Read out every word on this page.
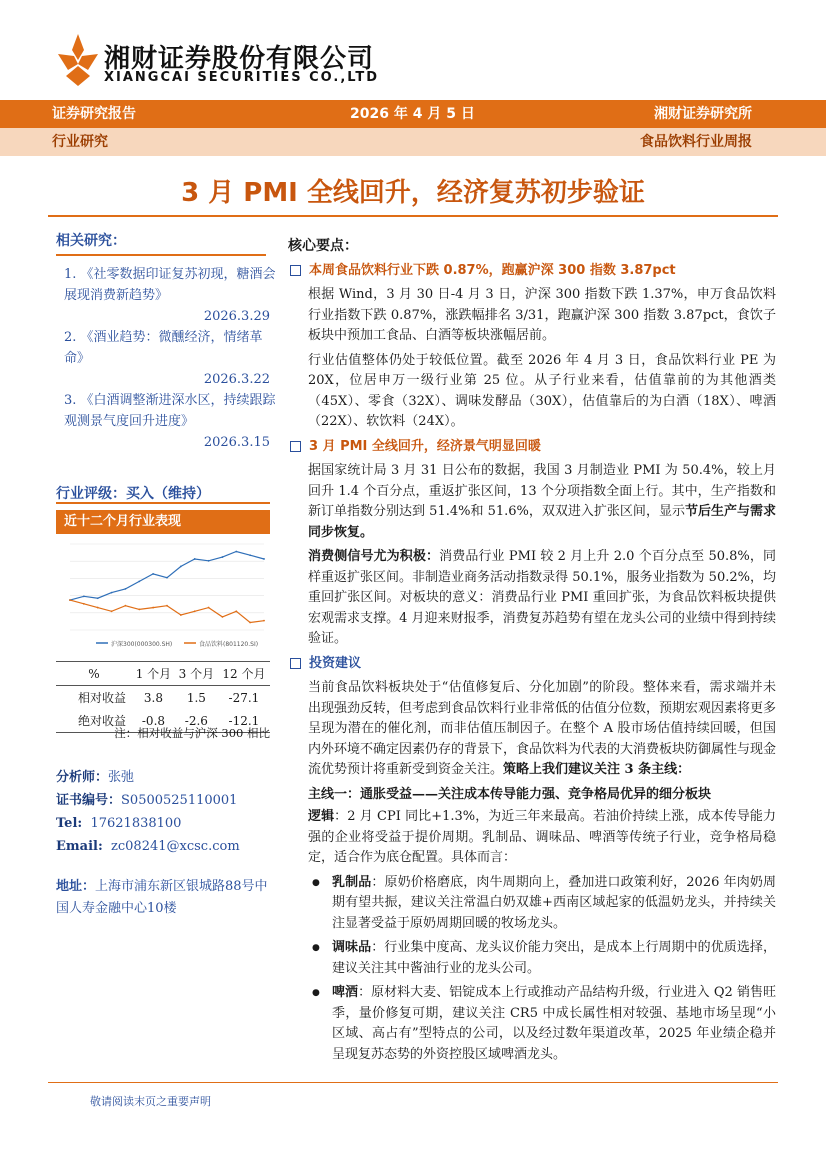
湘财证券股份有限公司
XIANGCAI SECURITIES CO.,LTD
证券研究报告	2026 年 4 月 5 日	湘财证券研究所
行业研究	食品饮料行业周报
3 月 PMI 全线回升，经济复苏初步验证
相关研究：
1. 《社零数据印证复苏初现，糖酒会展现消费新趋势》
2026.3.29
2. 《酒业趋势：微醺经济，情绪革命》
2026.3.22
3. 《白酒调整渐进深水区，持续跟踪观测景气度回升进度》
2026.3.15
行业评级：买入（维持）
近十二个月行业表现
沪深300(000300.SH)	食品饮料(801120.SI)
%	1 个月	3 个月	12 个月
相对收益	3.8	1.5	-27.1
绝对收益	-0.8	-2.6	-12.1
注：相对收益与沪深 300 相比
分析师：张弛
证书编号：S0500525110001
Tel: 17621838100
Email: zc08241@xcsc.com
地址：上海市浦东新区银城路88号中国人寿金融中心10楼
核心要点：
本周食品饮料行业下跌 0.87%，跑赢沪深 300 指数 3.87pct
根据 Wind，3 月 30 日-4 月 3 日，沪深 300 指数下跌 1.37%，申万食品饮料行业指数下跌 0.87%，涨跌幅排名 3/31，跑赢沪深 300 指数 3.87pct，食饮子板块中预加工食品、白酒等板块涨幅居前。
行业估值整体仍处于较低位置。截至 2026 年 4 月 3 日，食品饮料行业 PE 为 20X，位居申万一级行业第 25 位。从子行业来看，估值靠前的为其他酒类（45X）、零食（32X）、调味发酵品（30X），估值靠后的为白酒（18X）、啤酒（22X）、软饮料（24X）。
3 月 PMI 全线回升，经济景气明显回暖
据国家统计局 3 月 31 日公布的数据，我国 3 月制造业 PMI 为 50.4%，较上月回升 1.4 个百分点，重返扩张区间，13 个分项指数全面上行。其中，生产指数和新订单指数分别达到 51.4%和 51.6%，双双进入扩张区间，显示节后生产与需求同步恢复。
消费侧信号尤为积极：消费品行业 PMI 较 2 月上升 2.0 个百分点至 50.8%，同样重返扩张区间。非制造业商务活动指数录得 50.1%，服务业指数为 50.2%，均重回扩张区间。对板块的意义：消费品行业 PMI 重回扩张，为食品饮料板块提供宏观需求支撑。4 月迎来财报季，消费复苏趋势有望在龙头公司的业绩中得到持续验证。
投资建议
当前食品饮料板块处于“估值修复后、分化加剧”的阶段。整体来看，需求端并未出现强劲反转，但考虑到食品饮料行业非常低的估值分位数，预期宏观因素将更多呈现为潜在的催化剂，而非估值压制因子。在整个 A 股市场估值持续回暖，但国内外环境不确定因素仍存的背景下，食品饮料为代表的大消费板块防御属性与现金流优势预计将重新受到资金关注。策略上我们建议关注 3 条主线：
主线一：通胀受益——关注成本传导能力强、竞争格局优异的细分板块
逻辑：2 月 CPI 同比+1.3%，为近三年来最高。若油价持续上涨，成本传导能力强的企业将受益于提价周期。乳制品、调味品、啤酒等传统子行业，竞争格局稳定，适合作为底仓配置。具体而言：
● 乳制品：原奶价格磨底，肉牛周期向上，叠加进口政策利好，2026 年肉奶周期有望共振，建议关注常温白奶双雄+西南区域起家的低温奶龙头，并持续关注显著受益于原奶周期回暖的牧场龙头。
● 调味品：行业集中度高、龙头议价能力突出，是成本上行周期中的优质选择，建议关注其中酱油行业的龙头公司。
● 啤酒：原材料大麦、铝锭成本上行或推动产品结构升级，行业进入 Q2 销售旺季，量价修复可期，建议关注 CR5 中成长属性相对较强、基地市场呈现“小区域、高占有”型特点的公司，以及经过数年渠道改革，2025 年业绩企稳并呈现复苏态势的外资控股区域啤酒龙头。
敬请阅读末页之重要声明
